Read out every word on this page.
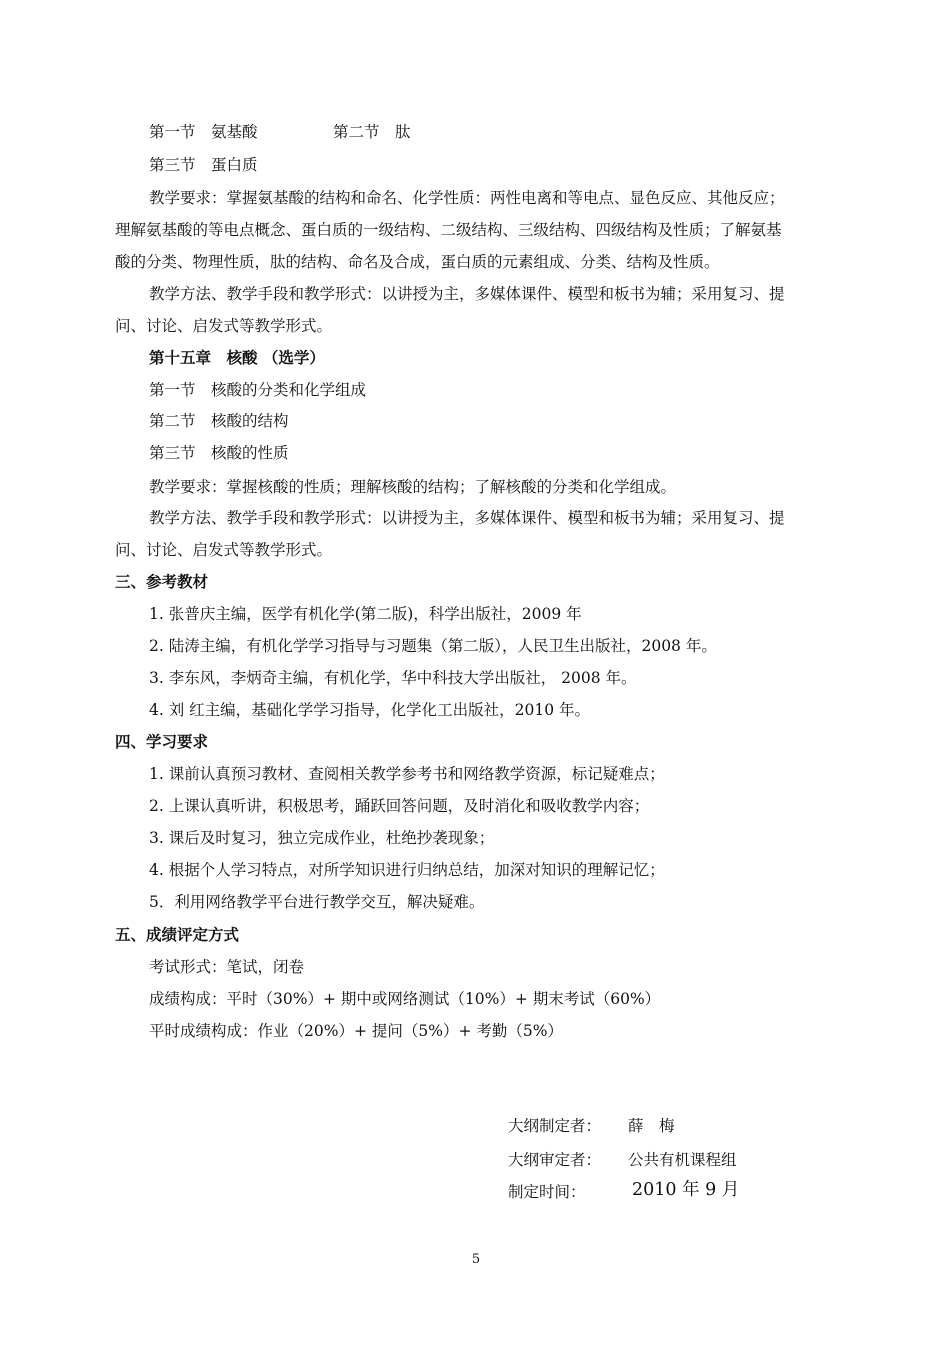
第一节　氨基酸	第二节　肽
第三节　蛋白质
教学要求：掌握氨基酸的结构和命名、化学性质：两性电离和等电点、显色反应、其他反应；
理解氨基酸的等电点概念、蛋白质的一级结构、二级结构、三级结构、四级结构及性质；了解氨基
酸的分类、物理性质，肽的结构、命名及合成，蛋白质的元素组成、分类、结构及性质。
教学方法、教学手段和教学形式：以讲授为主，多媒体课件、模型和板书为辅；采用复习、提
问、讨论、启发式等教学形式。
第十五章　核酸 （选学）
第一节　核酸的分类和化学组成
第二节　核酸的结构
第三节　核酸的性质
教学要求：掌握核酸的性质；理解核酸的结构；了解核酸的分类和化学组成。
教学方法、教学手段和教学形式：以讲授为主，多媒体课件、模型和板书为辅；采用复习、提
问、讨论、启发式等教学形式。
三、参考教材
1. 张普庆主编，医学有机化学(第二版)，科学出版社，2009 年
2. 陆涛主编，有机化学学习指导与习题集（第二版），人民卫生出版社，2008 年。
3. 李东风，李炳奇主编，有机化学，华中科技大学出版社， 2008 年。
4. 刘 红主编，基础化学学习指导，化学化工出版社，2010 年。
四、学习要求
1. 课前认真预习教材、查阅相关教学参考书和网络教学资源，标记疑难点；
2. 上课认真听讲，积极思考，踊跃回答问题，及时消化和吸收教学内容；
3. 课后及时复习，独立完成作业，杜绝抄袭现象；
4. 根据个人学习特点，对所学知识进行归纳总结，加深对知识的理解记忆；
5．利用网络教学平台进行教学交互，解决疑难。
五、成绩评定方式
考试形式：笔试，闭卷
成绩构成：平时（30%）+ 期中或网络测试（10%）+ 期末考试（60%）
平时成绩构成：作业（20%）+ 提问（5%）+ 考勤（5%）
大纲制定者： 薛　梅
大纲审定者： 公共有机课程组
制定时间：	2010 年 9 月
5
